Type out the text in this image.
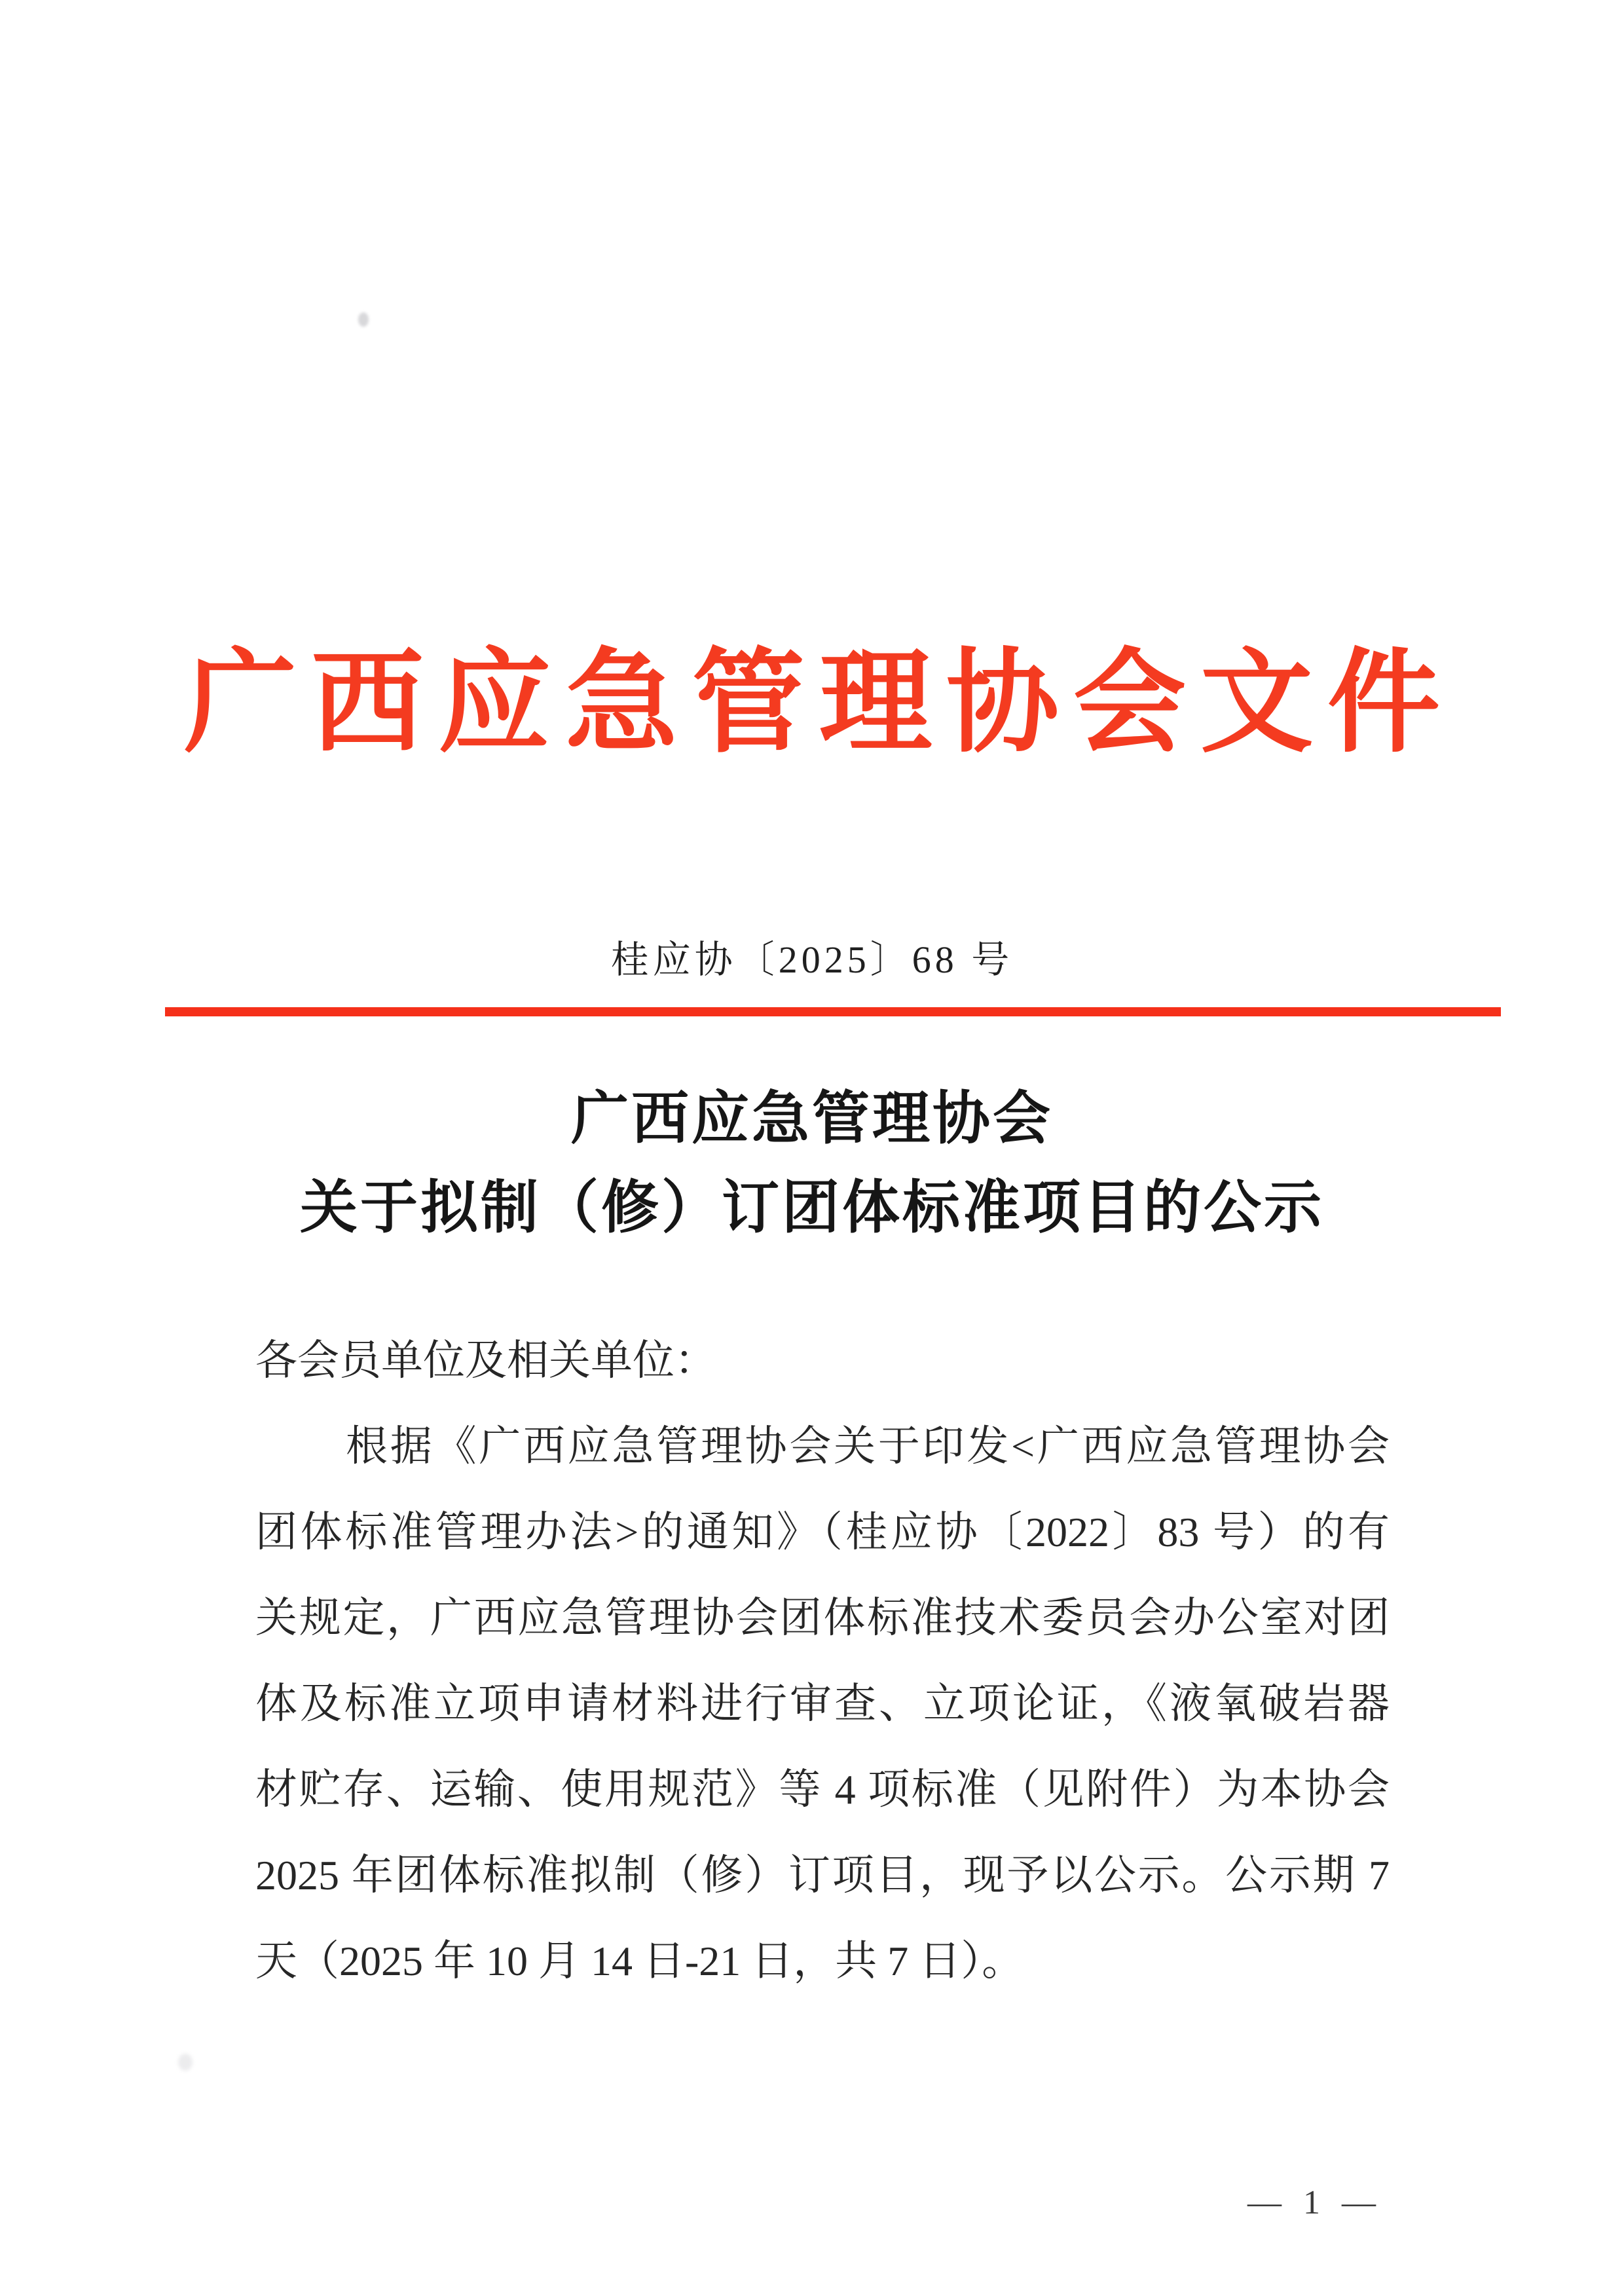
广西应急管理协会文件
桂应协〔2025〕68 号
广西应急管理协会
关于拟制（修）订团体标准项目的公示
各会员单位及相关单位：
根据《广西应急管理协会关于印发<广西应急管理协会
团体标准管理办法>的通知》（桂应协〔2022〕83 号）的有
关规定，广西应急管理协会团体标准技术委员会办公室对团
体及标准立项申请材料进行审查、立项论证，《液氧破岩器
材贮存、运输、使用规范》等 4 项标准（见附件）为本协会
2025 年团体标准拟制（修）订项目，现予以公示。公示期 7
天（2025 年 10 月 14 日-21 日，共 7 日）。
— 1 —
